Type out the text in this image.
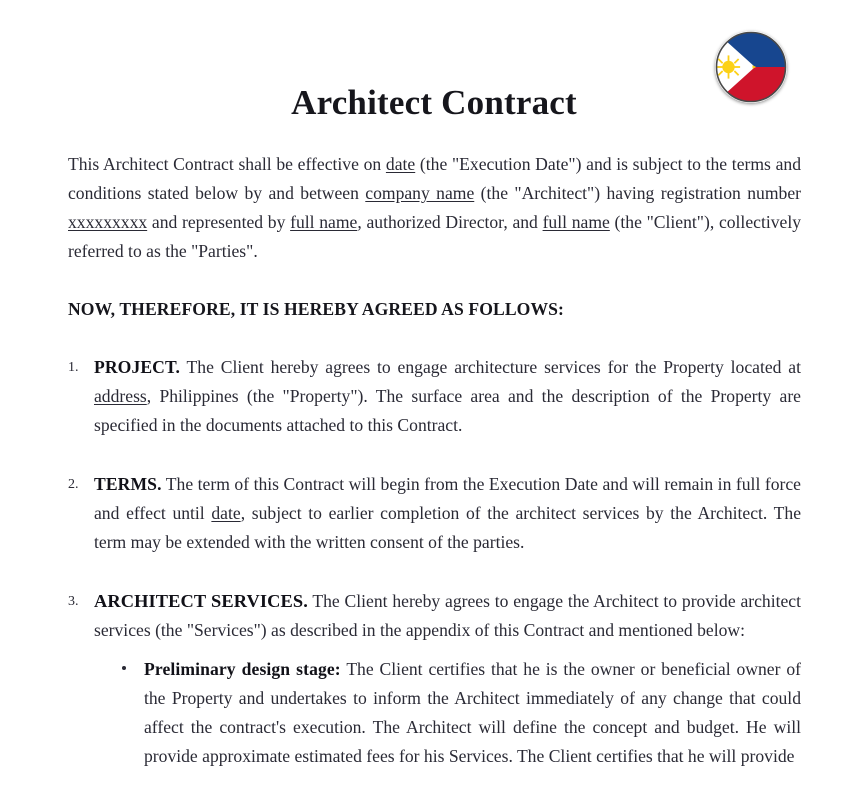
Architect Contract

This Architect Contract shall be effective on date (the "Execution Date") and is subject to the terms and conditions stated below by and between company name (the "Architect") having registration number xxxxxxxxx and represented by full name, authorized Director, and full name (the "Client"), collectively referred to as the "Parties".

NOW, THEREFORE, IT IS HEREBY AGREED AS FOLLOWS:
1. PROJECT. The Client hereby agrees to engage architecture services for the Property located at address, Philippines (the "Property"). The surface area and the description of the Property are specified in the documents attached to this Contract.
2. TERMS. The term of this Contract will begin from the Execution Date and will remain in full force and effect until date, subject to earlier completion of the architect services by the Architect. The term may be extended with the written consent of the parties.
3. ARCHITECT SERVICES. The Client hereby agrees to engage the Architect to provide architect services (the "Services") as described in the appendix of this Contract and mentioned below:
Preliminary design stage: The Client certifies that he is the owner or beneficial owner of the Property and undertakes to inform the Architect immediately of any change that could affect the contract's execution. The Architect will define the concept and budget. He will provide approximate estimated fees for his Services. The Client certifies that he will provide
